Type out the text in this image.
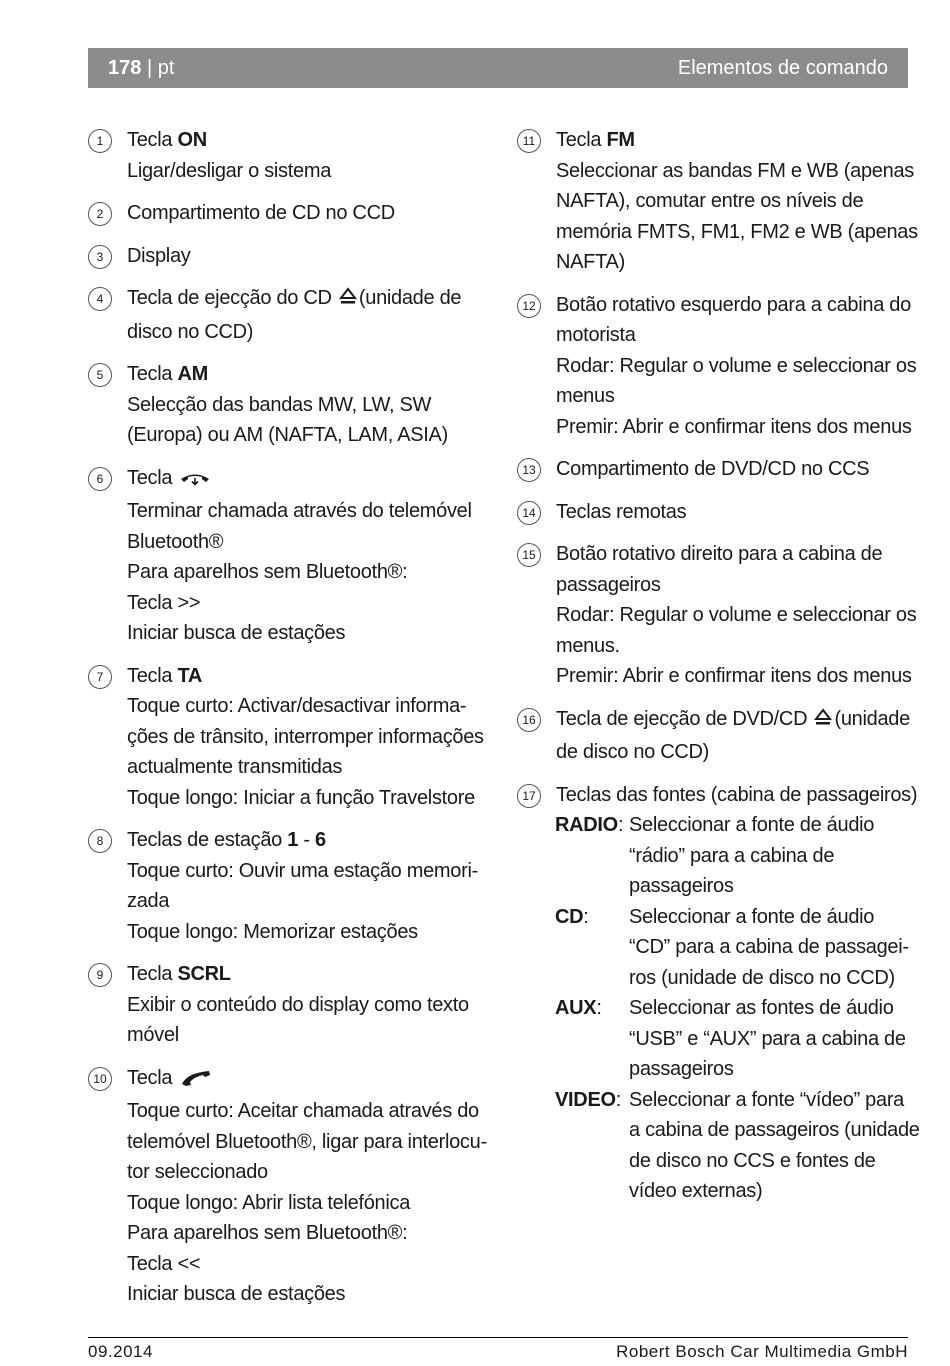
178 | pt	Elementos de comando
1	Tecla ON
Ligar/desligar o sistema
2	Compartimento de CD no CCD
3	Display
4	Tecla de ejecção do CD (unidade de
disco no CCD)
5	Tecla AM
Selecção das bandas MW, LW, SW
(Europa) ou AM (NAFTA, LAM, ASIA)
6	Tecla
Terminar chamada através do telemóvel
Bluetooth®
Para aparelhos sem Bluetooth®:
Tecla >>
Iniciar busca de estações
7	Tecla TA
Toque curto: Activar/desactivar informa-
ções de trânsito, interromper informações
actualmente transmitidas
Toque longo: Iniciar a função Travelstore
8	Teclas de estação 1 - 6
Toque curto: Ouvir uma estação memori-
zada
Toque longo: Memorizar estações
9	Tecla SCRL
Exibir o conteúdo do display como texto
móvel
10 Tecla
Toque curto: Aceitar chamada através do
telemóvel Bluetooth®, ligar para interlocu-
tor seleccionado
Toque longo: Abrir lista telefónica
Para aparelhos sem Bluetooth®:
Tecla <<
Iniciar busca de estações
11 Tecla FM
Seleccionar as bandas FM e WB (apenas
NAFTA), comutar entre os níveis de
memória FMTS, FM1, FM2 e WB (apenas
NAFTA)
12 Botão rotativo esquerdo para a cabina do
motorista
Rodar: Regular o volume e seleccionar os
menus
Premir: Abrir e confirmar itens dos menus
13 Compartimento de DVD/CD no CCS
14 Teclas remotas
15 Botão rotativo direito para a cabina de
passageiros
Rodar: Regular o volume e seleccionar os
menus.
Premir: Abrir e confirmar itens dos menus
16 Tecla de ejecção de DVD/CD (unidade
de disco no CCD)
17 Teclas das fontes (cabina de passageiros)
RADIO: Seleccionar a fonte de áudio
“rádio” para a cabina de
passageiros
CD:	Seleccionar a fonte de áudio
“CD” para a cabina de passagei-
ros (unidade de disco no CCD)
AUX:	Seleccionar as fontes de áudio
“USB” e “AUX” para a cabina de
passageiros
VIDEO: Seleccionar a fonte “vídeo” para
a cabina de passageiros (unidade
de disco no CCS e fontes de
vídeo externas)
09.2014	Robert Bosch Car Multimedia GmbH
